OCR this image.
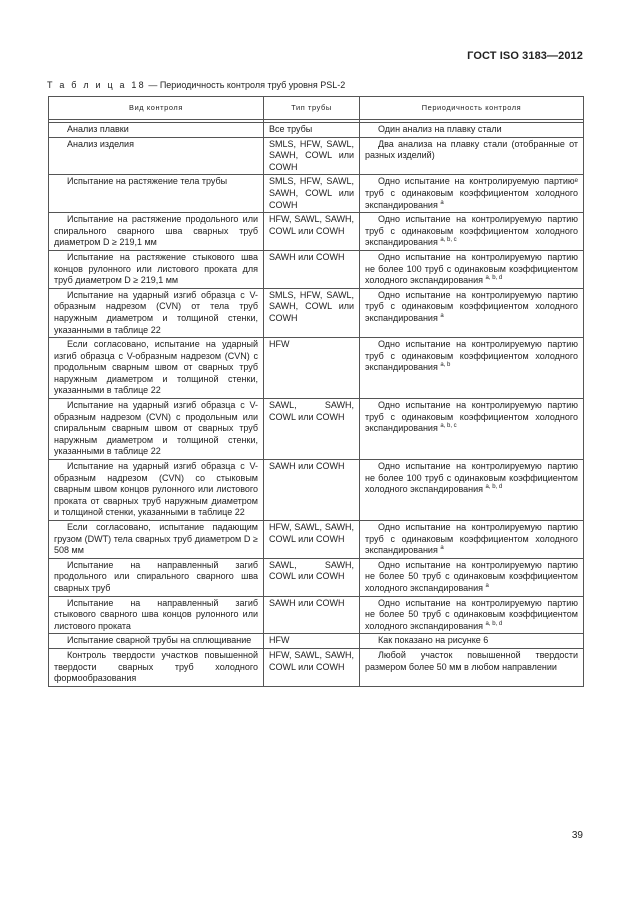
ГОСТ ISO 3183—2012
Т а б л и ц а 18 — Периодичность контроля труб уровня PSL-2
Вид контроля	Тип трубы	Периодичность контроля

Анализ плавки	Все трубы	Один анализ на плавку стали
Анализ изделия	SMLS, HFW, SAWL, SAWH, COWL или COWH	Два анализа на плавку стали (отобранные от разных изделий)
Испытание на растяжение тела трубы	SMLS, HFW, SAWL, SAWH, COWL или COWH	Одно испытание на контролируемую партиюᵉ труб с одинаковым коэффициентом холодного экспандирования $^a$
Испытание на растяжение продольного или спирального сварного шва сварных труб диаметром D ≥ 219,1 мм	HFW, SAWL, SAWH, COWL или COWH	Одно испытание на контролируемую партию труб с одинаковым коэффициентом холодного экспандирования $^{a, b, c}$
Испытание на растяжение стыкового шва концов рулонного или листового проката для труб диаметром D ≥ 219,1 мм	SAWH или COWH	Одно испытание на контролируемую партию не более 100 труб с одинаковым коэффициентом холодного экспандирования $^{a, b, d}$
Испытание на ударный изгиб образца с V-образным надрезом (CVN) от тела труб наружным диаметром и толщиной стенки, указанными в таблице 22	SMLS, HFW, SAWL, SAWH, COWL или COWH	Одно испытание на контролируемую партию труб с одинаковым коэффициентом холодного экспандирования $^a$
Если согласовано, испытание на ударный изгиб образца с V-образным надрезом (CVN) с продольным сварным швом от сварных труб наружным диаметром и толщиной стенки, указанными в таблице 22	HFW	Одно испытание на контролируемую партию труб с одинаковым коэффициентом холодного экспандирования $^{a, b}$
Испытание на ударный изгиб образца с V-образным надрезом (CVN) с продольным или спиральным сварным швом от сварных труб наружным диаметром и толщиной стенки, указанными в таблице 22	SAWL, SAWH, COWL или COWH	Одно испытание на контролируемую партию труб с одинаковым коэффициентом холодного экспандирования $^{a, b, c}$
Испытание на ударный изгиб образца с V-образным надрезом (CVN) со стыковым сварным швом концов рулонного или листового проката от сварных труб наружным диаметром и толщиной стенки, указанными в таблице 22	SAWH или COWH	Одно испытание на контролируемую партию не более 100 труб с одинаковым коэффициентом холодного экспандирования $^{a, b, d}$
Если согласовано, испытание падающим грузом (DWT) тела сварных труб диаметром D ≥ 508 мм	HFW, SAWL, SAWH, COWL или COWH	Одно испытание на контролируемую партию труб с одинаковым коэффициентом холодного экспандирования $^a$
Испытание на направленный загиб продольного или спирального сварного шва сварных труб	SAWL, SAWH, COWL или COWH	Одно испытание на контролируемую партию не более 50 труб с одинаковым коэффициентом холодного экспандирования $^a$
Испытание на направленный загиб стыкового сварного шва концов рулонного или листового проката	SAWH или COWH	Одно испытание на контролируемую партию не более 50 труб с одинаковым коэффициентом холодного экспандирования $^{a, b, d}$
Испытание сварной трубы на сплющивание	HFW	Как показано на рисунке 6
Контроль твердости участков повышенной твердости сварных труб холодного формообразования	HFW, SAWL, SAWH, COWL или COWH	Любой участок повышенной твердости размером более 50 мм в любом направлении
39
